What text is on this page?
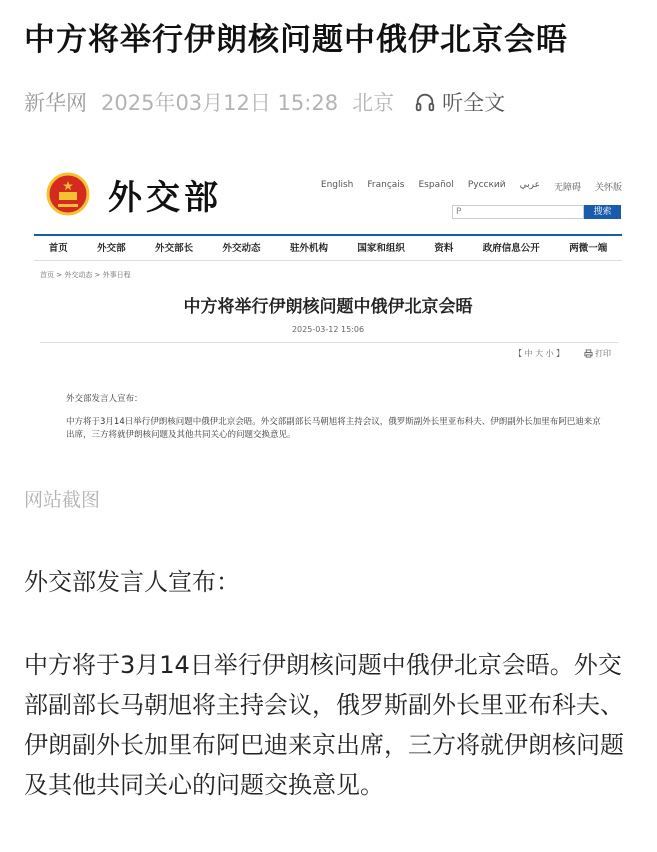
中方将举行伊朗核问题中俄伊北京会晤
新华网 2025年03月12日 15:28 北京 听全文
外交部	English Français Español Русский عربي 无障碍 关怀版
P	搜索
首页	外交部	外交部长	外交动态	驻外机构	国家和组织	资料	政府信息公开	两微一端
首页 > 外交动态 > 外事日程
中方将举行伊朗核问题中俄伊北京会晤
2025-03-12 15:06
【 中 大 小 】	打印
外交部发言人宣布：
中方将于3月14日举行伊朗核问题中俄伊北京会晤。外交部副部长马朝旭将主持会议，俄罗斯副外长里亚布科夫、伊朗副外长加里布阿巴迪来京出席，三方将就伊朗核问题及其他共同关心的问题交换意见。
网站截图
外交部发言人宣布：
中方将于3月14日举行伊朗核问题中俄伊北京会晤。外交部副部长马朝旭将主持会议，俄罗斯副外长里亚布科夫、伊朗副外长加里布阿巴迪来京出席，三方将就伊朗核问题及其他共同关心的问题交换意见。
